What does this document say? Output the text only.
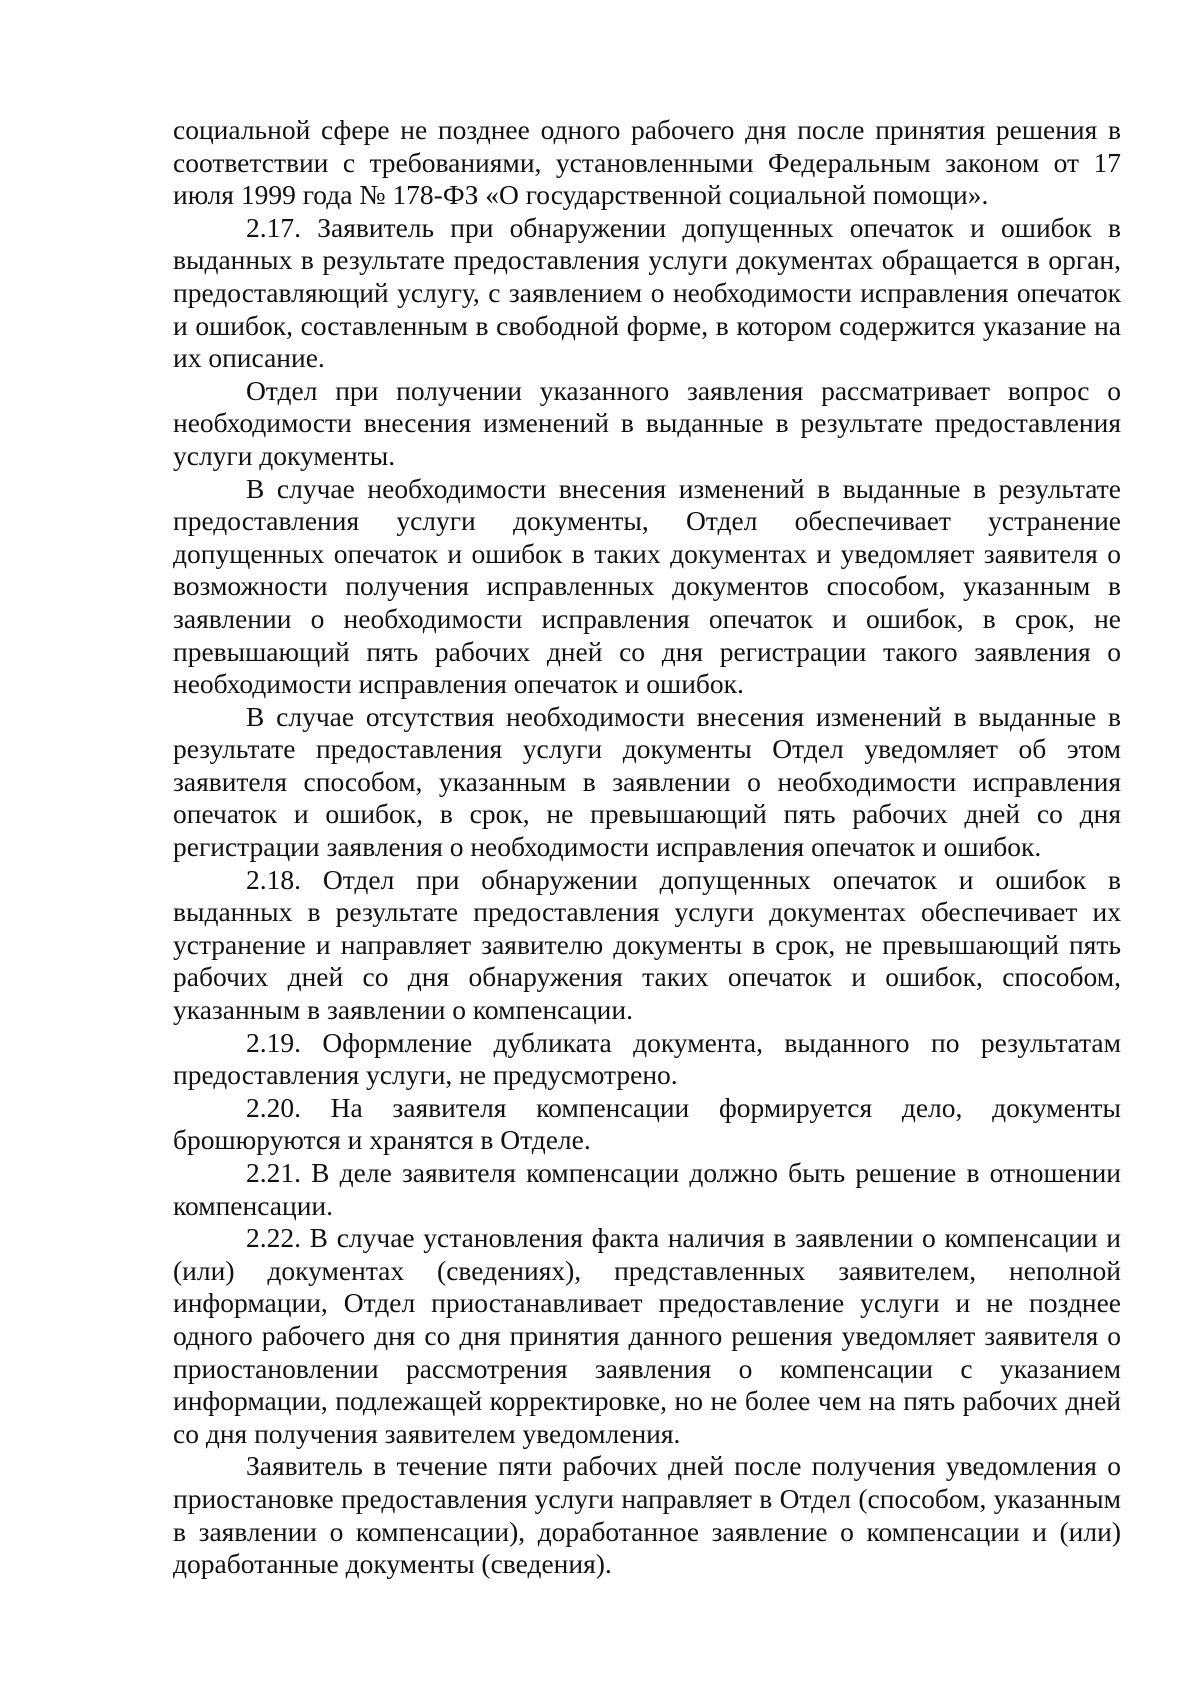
социальной сфере не позднее одного рабочего дня после принятия решения в соответствии с требованиями, установленными Федеральным законом от 17 июля 1999 года № 178-ФЗ «О государственной социальной помощи».

2.17. Заявитель при обнаружении допущенных опечаток и ошибок в выданных в результате предоставления услуги документах обращается в орган, предоставляющий услугу, с заявлением о необходимости исправления опечаток и ошибок, составленным в свободной форме, в котором содержится указание на их описание.

Отдел при получении указанного заявления рассматривает вопрос о необходимости внесения изменений в выданные в результате предоставления услуги документы.

В случае необходимости внесения изменений в выданные в результате предоставления услуги документы, Отдел обеспечивает устранение допущенных опечаток и ошибок в таких документах и уведомляет заявителя о возможности получения исправленных документов способом, указанным в заявлении о необходимости исправления опечаток и ошибок, в срок, не превышающий пять рабочих дней со дня регистрации такого заявления о необходимости исправления опечаток и ошибок.

В случае отсутствия необходимости внесения изменений в выданные в результате предоставления услуги документы Отдел уведомляет об этом заявителя способом, указанным в заявлении о необходимости исправления опечаток и ошибок, в срок, не превышающий пять рабочих дней со дня регистрации заявления о необходимости исправления опечаток и ошибок.

2.18. Отдел при обнаружении допущенных опечаток и ошибок в выданных в результате предоставления услуги документах обеспечивает их устранение и направляет заявителю документы в срок, не превышающий пять рабочих дней со дня обнаружения таких опечаток и ошибок, способом, указанным в заявлении о компенсации.

2.19. Оформление дубликата документа, выданного по результатам предоставления услуги, не предусмотрено.

2.20. На заявителя компенсации формируется дело, документы брошюруются и хранятся в Отделе.

2.21. В деле заявителя компенсации должно быть решение в отношении компенсации.

2.22. В случае установления факта наличия в заявлении о компенсации и (или) документах (сведениях), представленных заявителем, неполной информации, Отдел приостанавливает предоставление услуги и не позднее одного рабочего дня со дня принятия данного решения уведомляет заявителя о приостановлении рассмотрения заявления о компенсации с указанием информации, подлежащей корректировке, но не более чем на пять рабочих дней со дня получения заявителем уведомления.

Заявитель в течение пяти рабочих дней после получения уведомления о приостановке предоставления услуги направляет в Отдел (способом, указанным в заявлении о компенсации), доработанное заявление о компенсации и (или) доработанные документы (сведения).
